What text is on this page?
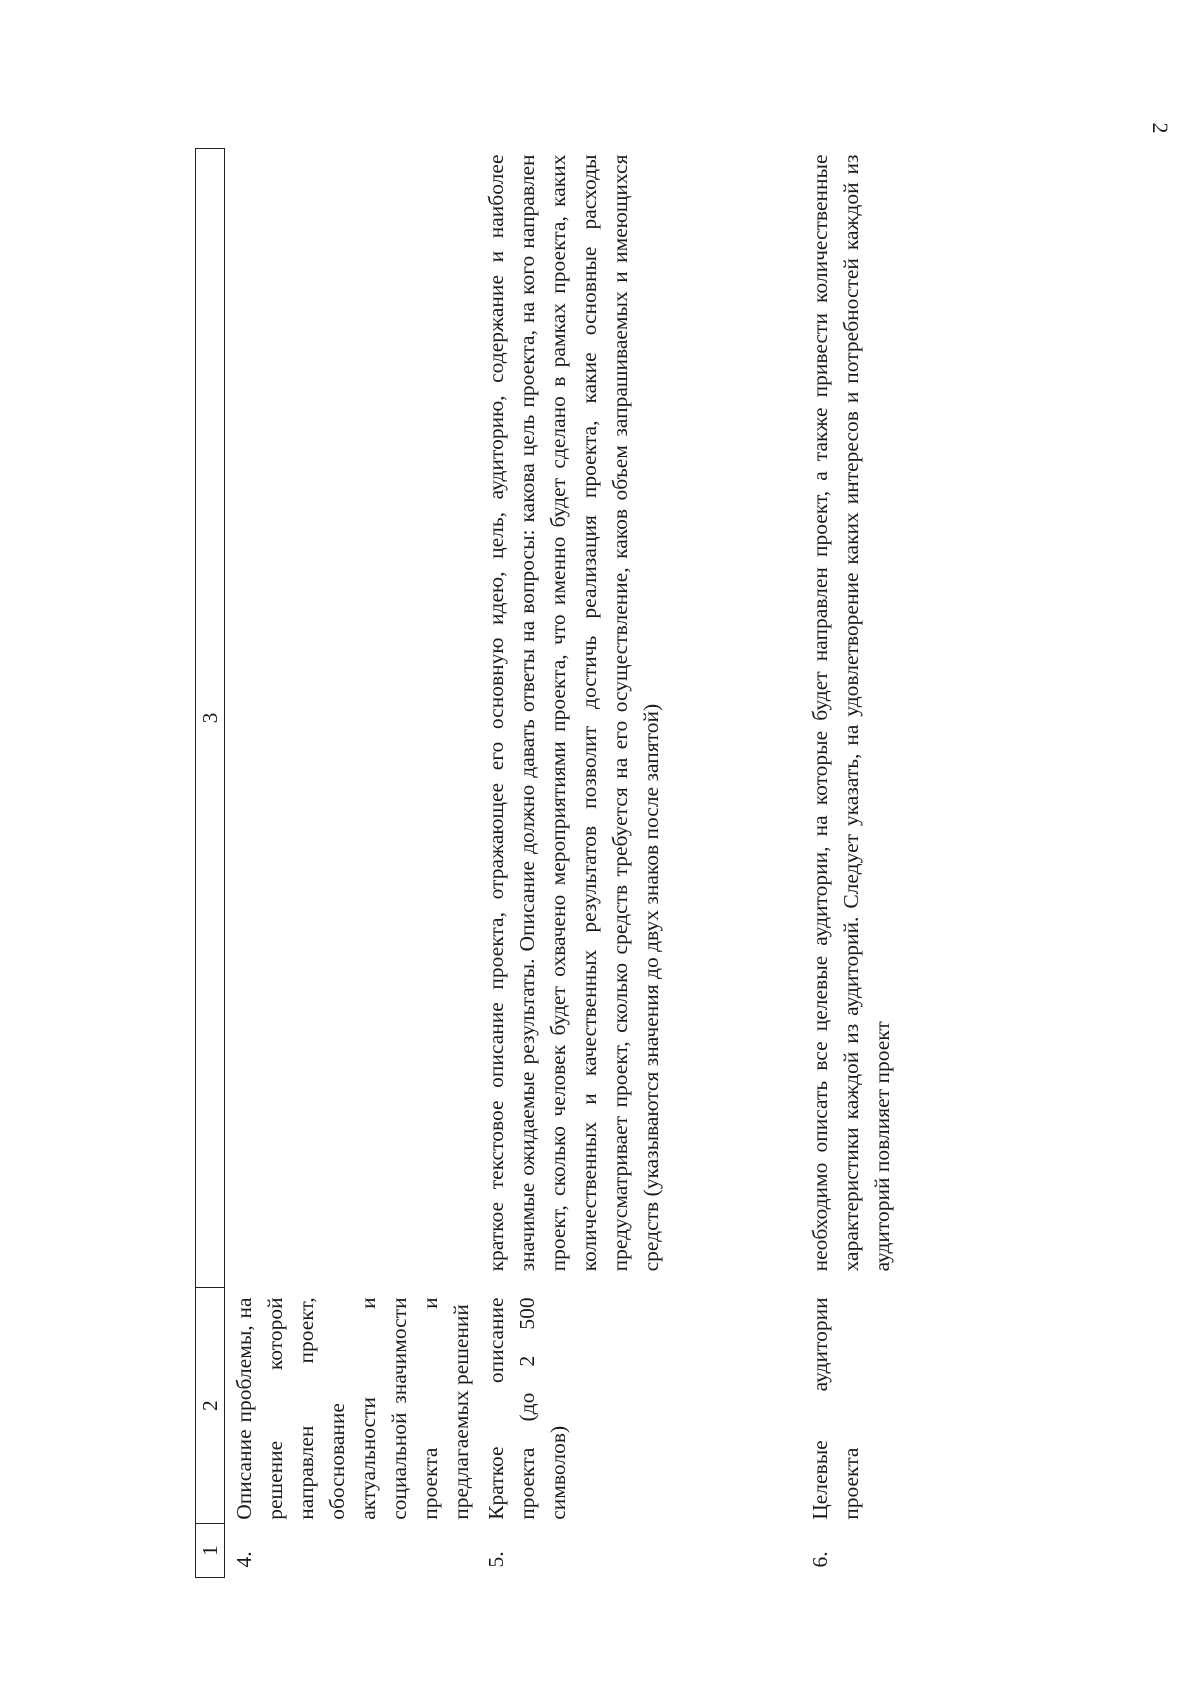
2
1	2	3
4.	Описание проблемы, на решение которой направлен проект, обоснование актуальности и социальной значимости проекта и предлагаемых решений	
5.	Краткое описание проекта (до 2 500 символов)	краткое текстовое описание проекта, отражающее его основную идею, цель, аудиторию, содержание и наиболее значимые ожидаемые результаты. Описание должно давать ответы на вопросы: какова цель проекта, на кого направлен проект, сколько человек будет охвачено мероприятиями проекта, что именно будет сделано в рамках проекта, каких количественных и качественных результатов позволит достичь реализация проекта, какие основные расходы предусматривает проект, сколько средств требуется на его осуществление, каков объем запрашиваемых и имеющихся средств (указываются значения до двух знаков после запятой)
6.	Целевые аудитории проекта	необходимо описать все целевые аудитории, на которые будет направлен проект, а также привести количественные характеристики каждой из аудиторий. Следует указать, на удовлетворение каких интересов и потребностей каждой из аудиторий повлияет проект
